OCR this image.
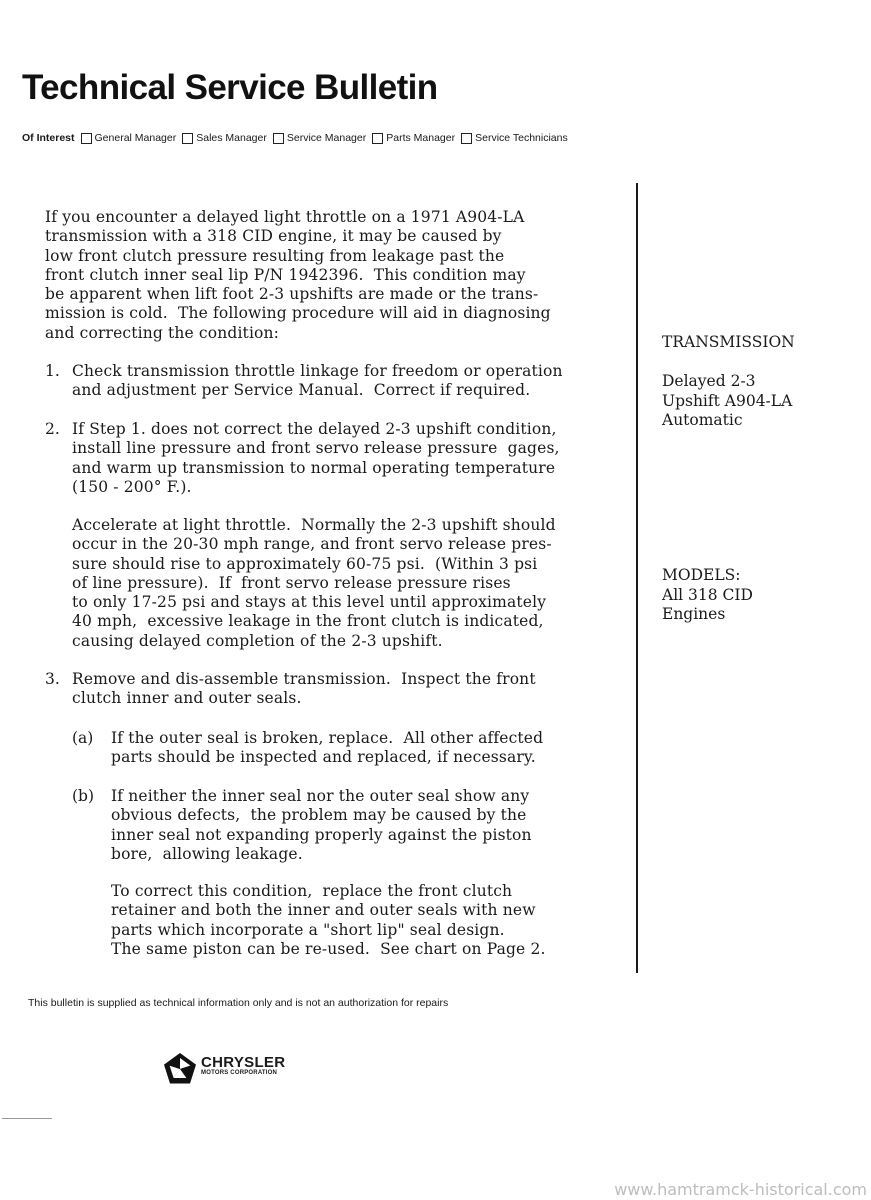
Technical Service Bulletin
Of Interest General Manager Sales Manager Service Manager Parts Manager Service Technicians
If you encounter a delayed light throttle on a 1971 A904-LA
transmission with a 318 CID engine, it may be caused by
low front clutch pressure resulting from leakage past the
front clutch inner seal lip P/N 1942396.  This condition may
be apparent when lift foot 2-3 upshifts are made or the trans-
mission is cold.  The following procedure will aid in diagnosing
and correcting the condition:
1. Check transmission throttle linkage for freedom or operation
and adjustment per Service Manual.  Correct if required.
2. If Step 1. does not correct the delayed 2-3 upshift condition,
install line pressure and front servo release pressure  gages,
and warm up transmission to normal operating temperature
(150 - 200° F.).
Accelerate at light throttle.  Normally the 2-3 upshift should
occur in the 20-30 mph range, and front servo release pres-
sure should rise to approximately 60-75 psi.  (Within 3 psi
of line pressure).  If  front servo release pressure rises
to only 17-25 psi and stays at this level until approximately
40 mph,  excessive leakage in the front clutch is indicated,
causing delayed completion of the 2-3 upshift.
3. Remove and dis-assemble transmission.  Inspect the front
clutch inner and outer seals.
(a) If the outer seal is broken, replace.  All other affected
parts should be inspected and replaced, if necessary.
(b) If neither the inner seal nor the outer seal show any
obvious defects,  the problem may be caused by the
inner seal not expanding properly against the piston
bore,  allowing leakage.
To correct this condition,  replace the front clutch
retainer and both the inner and outer seals with new
parts which incorporate a "short lip" seal design.
The same piston can be re-used.  See chart on Page 2.
TRANSMISSION
Delayed 2-3
Upshift A904-LA
Automatic
MODELS:
All 318 CID
Engines
This bulletin is supplied as technical information only and is not an authorization for repairs
CHRYSLER
MOTORS CORPORATION
www.hamtramck-historical.com
